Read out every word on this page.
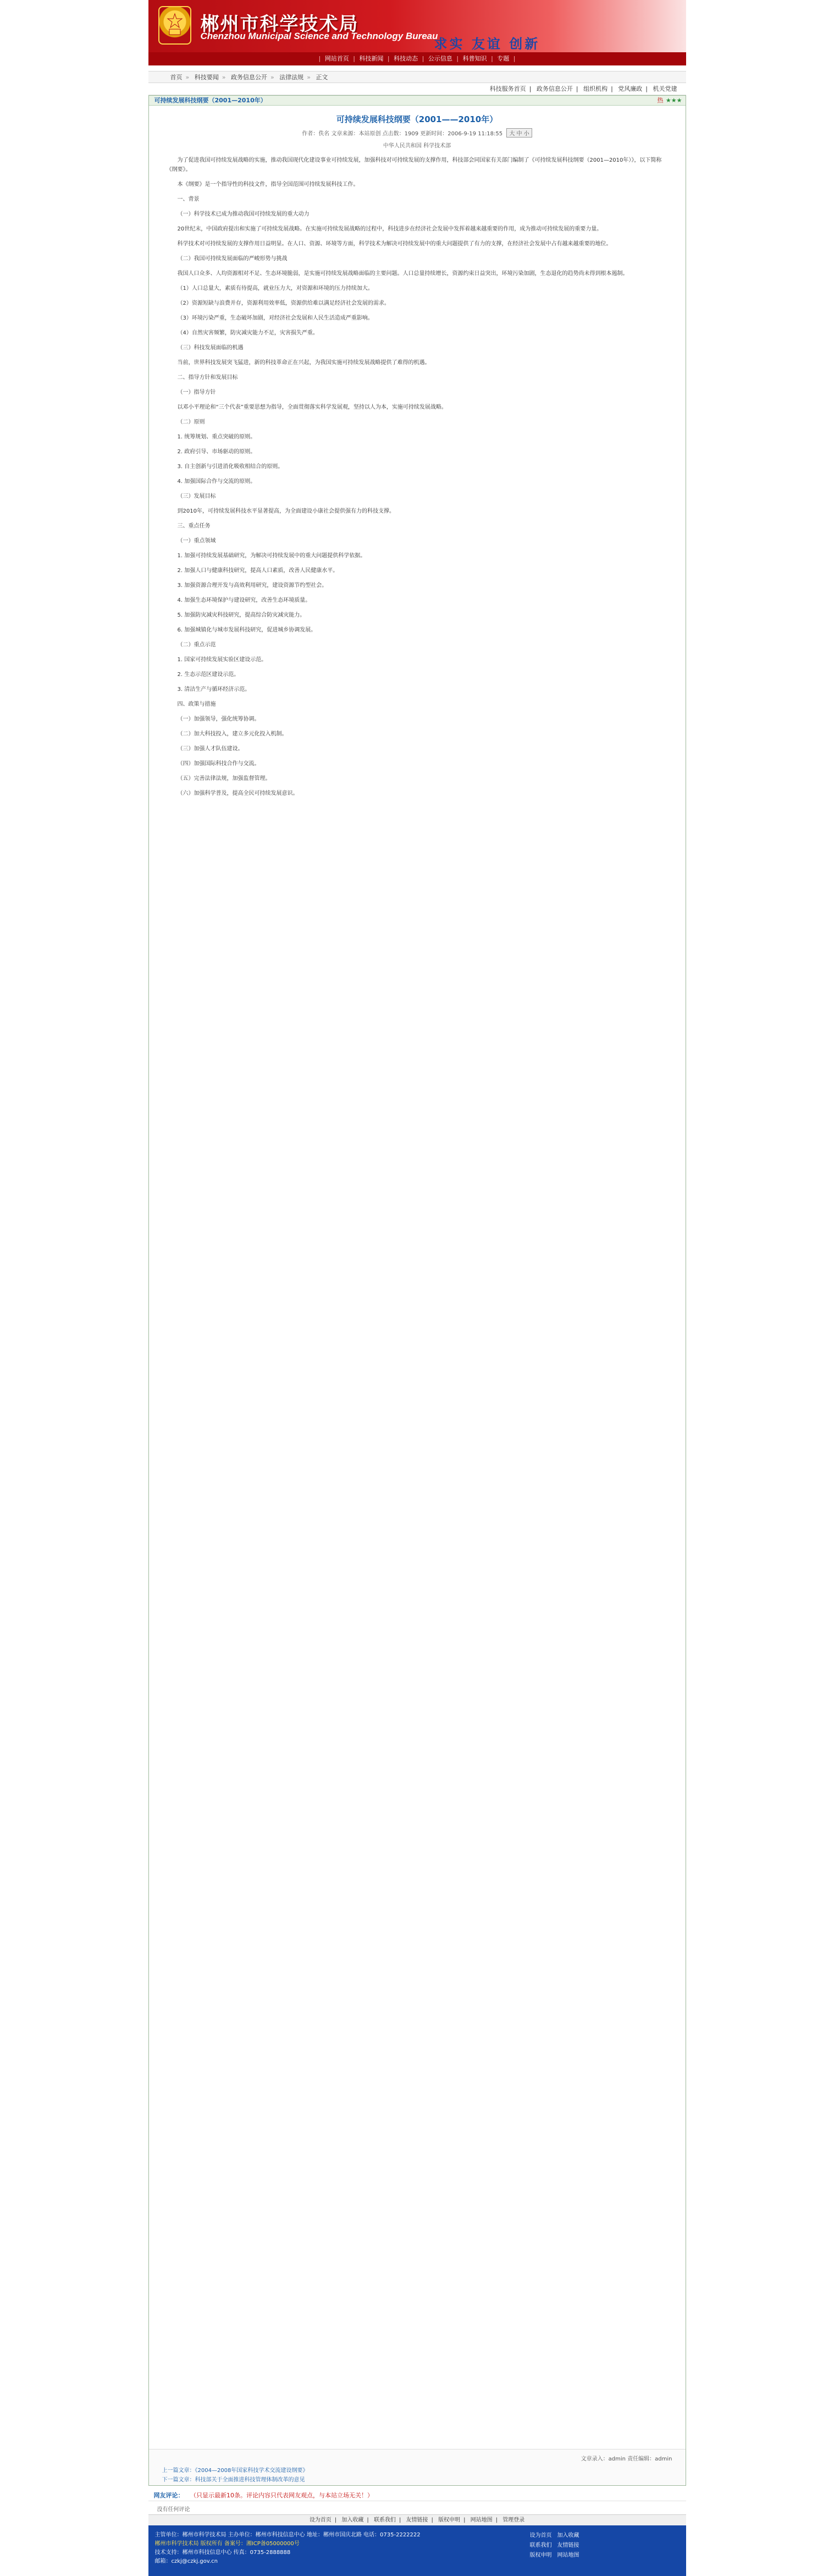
郴州市科学技术局
Chenzhou Municipal Science and Technology Bureau
求实 友谊 创新
| 网站首页 | 科技新闻 | 科技动态 | 公示信息 | 科普知识 | 专题 |
首页 » 科技要闻 » 政务信息公开 » 法律法规 » 正文
科技服务首页 | 政务信息公开 | 组织机构 | 党风廉政 | 机关党建
可持续发展科技纲要（2001—2010年）	热 ★★★
可持续发展科技纲要（2001——2010年）
作者：佚名 文章来源：本站原创 点击数：1909 更新时间：2006-9-19 11:18:55 大 中 小
中华人民共和国 科学技术部

为了促进我国可持续发展战略的实施，推动我国现代化建设事业可持续发展，加强科技对可持续发展的支撑作用，科技部会同国家有关部门编制了《可持续发展科技纲要（2001—2010年）》，以下简称《纲要》。

本《纲要》是一个指导性的科技文件，指导全国范围可持续发展科技工作。

一、背景

（一）科学技术已成为推动我国可持续发展的重大动力

20世纪末，中国政府提出和实施了可持续发展战略。在实施可持续发展战略的过程中，科技进步在经济社会发展中发挥着越来越重要的作用，成为推动可持续发展的重要力量。

科学技术对可持续发展的支撑作用日益明显。在人口、资源、环境等方面，科学技术为解决可持续发展中的重大问题提供了有力的支撑，在经济社会发展中占有越来越重要的地位。

（二）我国可持续发展面临的严峻形势与挑战

我国人口众多、人均资源相对不足、生态环境脆弱，是实施可持续发展战略面临的主要问题。人口总量持续增长，资源约束日益突出，环境污染加剧，生态退化的趋势尚未得到根本遏制。

（1）人口总量大，素质有待提高，就业压力大，对资源和环境的压力持续加大。

（2）资源短缺与浪费并存，资源利用效率低，资源供给难以满足经济社会发展的需求。

（3）环境污染严重，生态破坏加剧，对经济社会发展和人民生活造成严重影响。

（4）自然灾害频繁，防灾减灾能力不足，灾害损失严重。

（三）科技发展面临的机遇

当前，世界科技发展突飞猛进，新的科技革命正在兴起，为我国实施可持续发展战略提供了难得的机遇。

二、指导方针和发展目标

（一）指导方针

以邓小平理论和“三个代表”重要思想为指导，全面贯彻落实科学发展观，坚持以人为本，实施可持续发展战略。

（二）原则

1. 统筹规划、重点突破的原则。

2. 政府引导、市场驱动的原则。

3. 自主创新与引进消化吸收相结合的原则。

4. 加强国际合作与交流的原则。

（三）发展目标

到2010年，可持续发展科技水平显著提高，为全面建设小康社会提供强有力的科技支撑。

三、重点任务

（一）重点领域

1. 加强可持续发展基础研究，为解决可持续发展中的重大问题提供科学依据。

2. 加强人口与健康科技研究，提高人口素质，改善人民健康水平。

3. 加强资源合理开发与高效利用研究，建设资源节约型社会。

4. 加强生态环境保护与建设研究，改善生态环境质量。

5. 加强防灾减灾科技研究，提高综合防灾减灾能力。

6. 加强城镇化与城市发展科技研究，促进城乡协调发展。

（二）重点示范

1. 国家可持续发展实验区建设示范。

2. 生态示范区建设示范。

3. 清洁生产与循环经济示范。

四、政策与措施

（一）加强领导，强化统筹协调。

（二）加大科技投入，建立多元化投入机制。

（三）加强人才队伍建设。

（四）加强国际科技合作与交流。

（五）完善法律法规，加强监督管理。

（六）加强科学普及，提高全民可持续发展意识。

文章录入：admin 责任编辑：admin
上一篇文章：《2004—2008年国家科技学术交流建设纲要》
下一篇文章：科技部关于全面推进科技管理体制改革的意见
网友评论： （只显示最新10条。评论内容只代表网友观点，与本站立场无关！）
没有任何评论
设为首页 | 加入收藏 | 联系我们 | 友情链接 | 版权申明 | 网站地图 | 管理登录
主管单位：郴州市科学技术局 主办单位：郴州市科技信息中心 地址：郴州市国庆北路 电话：0735-2222222
郴州市科学技术局 版权所有 备案号：湘ICP备05000000号
技术支持：郴州市科技信息中心 传真：0735-2888888
邮箱：czkj@czkj.gov.cn
设为首页 加入收藏
联系我们 友情链接
版权申明 网站地图
